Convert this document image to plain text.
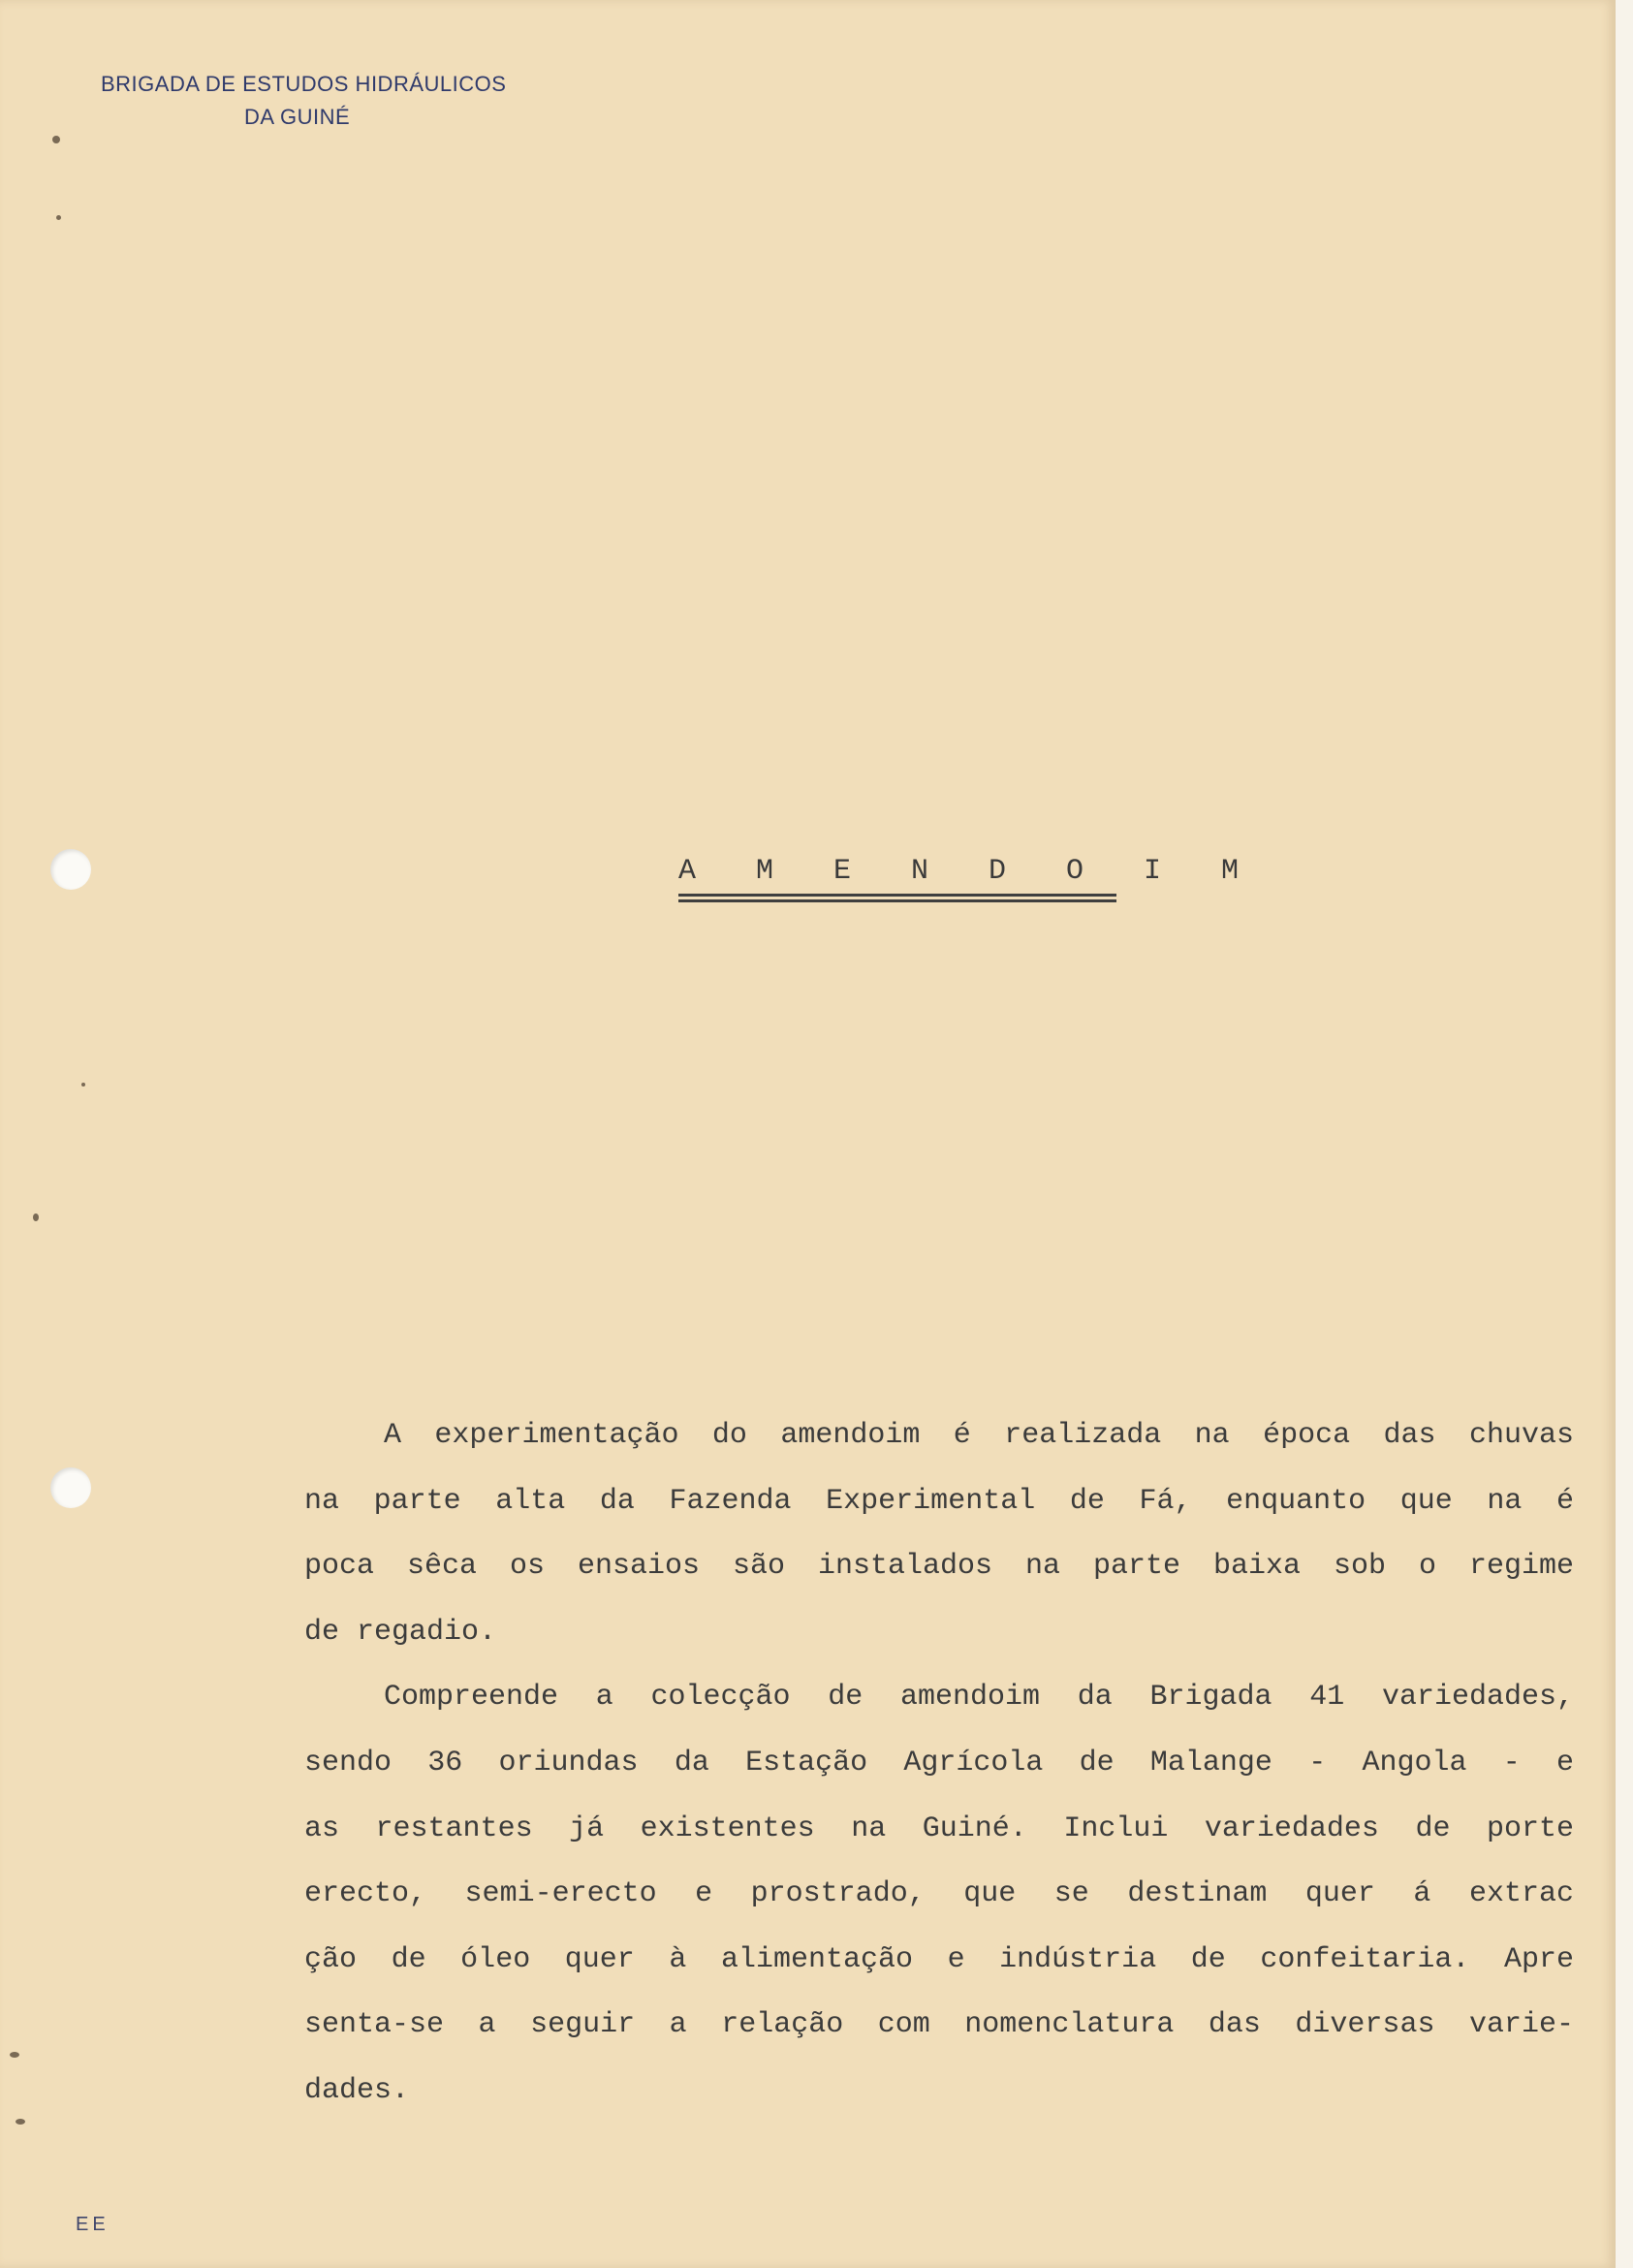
BRIGADA DE ESTUDOS HIDRÁULICOS
DA GUINÉ
A M E N D O I M
A experimentação do amendoim é realizada na época das chuvas
na parte alta da Fazenda Experimental de Fá, enquanto que na é
poca sêca os ensaios são instalados na parte baixa sob o regime
de regadio.
Compreende a colecção de amendoim da Brigada 41 variedades,
sendo 36 oriundas da Estação Agrícola de Malange - Angola - e
as restantes já existentes na Guiné. Inclui variedades de porte
erecto, semi-erecto e prostrado, que se destinam quer á extrac
ção de óleo quer à alimentação e indústria de confeitaria. Apre
senta-se a seguir a relação com nomenclatura das diversas varie-
dades.
EE
